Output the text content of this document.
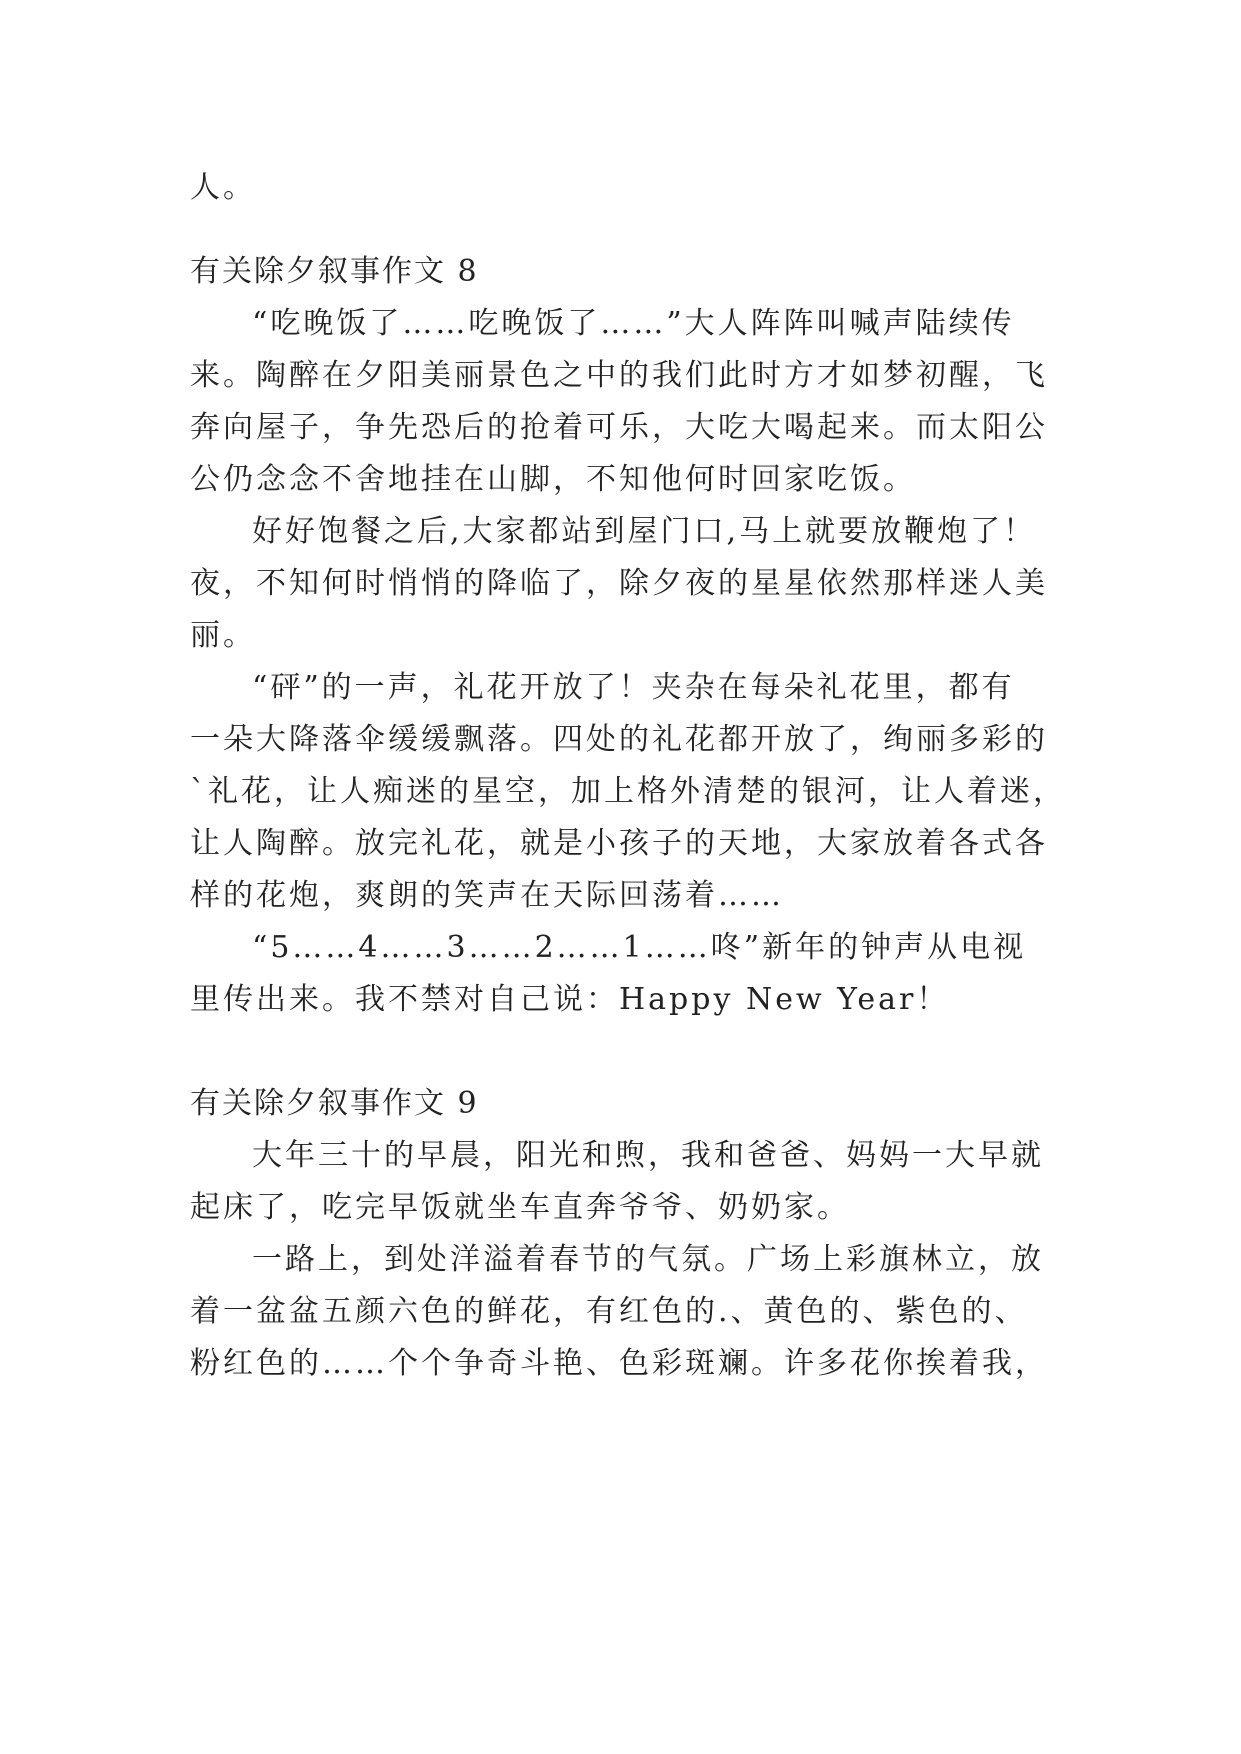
人。
有关除夕叙事作文 8
“吃晚饭了……吃晚饭了……”大人阵阵叫喊声陆续传
来。陶醉在夕阳美丽景色之中的我们此时方才如梦初醒，飞
奔向屋子，争先恐后的抢着可乐，大吃大喝起来。而太阳公
公仍念念不舍地挂在山脚，不知他何时回家吃饭。
好好饱餐之后,大家都站到屋门口,马上就要放鞭炮了！
夜，不知何时悄悄的降临了，除夕夜的星星依然那样迷人美
丽。
“砰”的一声，礼花开放了！夹杂在每朵礼花里，都有
一朵大降落伞缓缓飘落。四处的礼花都开放了，绚丽多彩的
`礼花，让人痴迷的星空，加上格外清楚的银河，让人着迷，
让人陶醉。放完礼花，就是小孩子的天地，大家放着各式各
样的花炮，爽朗的笑声在天际回荡着……
“5……4……3……2……1……咚”新年的钟声从电视
里传出来。我不禁对自己说：Happy New Year！
有关除夕叙事作文 9
大年三十的早晨，阳光和煦，我和爸爸、妈妈一大早就
起床了，吃完早饭就坐车直奔爷爷、奶奶家。
一路上，到处洋溢着春节的气氛。广场上彩旗林立，放
着一盆盆五颜六色的鲜花，有红色的.、黄色的、紫色的、
粉红色的……个个争奇斗艳、色彩斑斓。许多花你挨着我，
